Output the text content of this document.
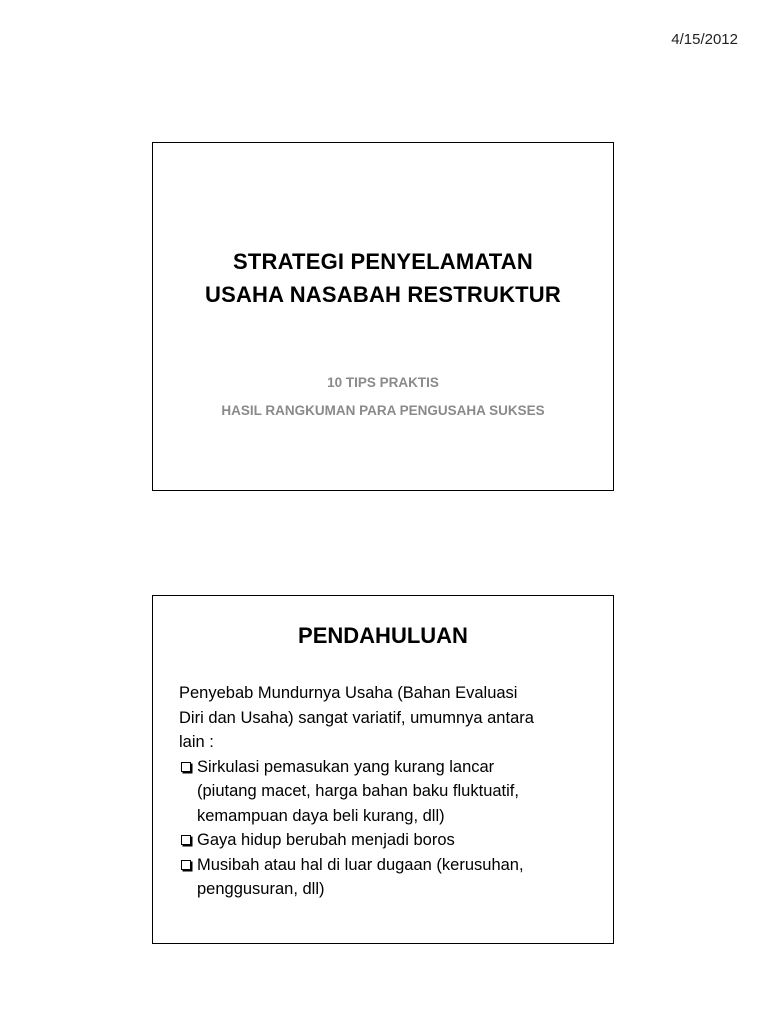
4/15/2012
STRATEGI PENYELAMATAN
USAHA NASABAH RESTRUKTUR
10 TIPS PRAKTIS
HASIL RANGKUMAN PARA PENGUSAHA SUKSES
PENDAHULUAN
Penyebab Mundurnya Usaha (Bahan Evaluasi
Diri dan Usaha) sangat variatif, umumnya antara
lain :
Sirkulasi pemasukan yang kurang lancar
(piutang macet, harga bahan baku fluktuatif,
kemampuan daya beli kurang, dll)
Gaya hidup berubah menjadi boros
Musibah atau hal di luar dugaan (kerusuhan,
penggusuran, dll)
